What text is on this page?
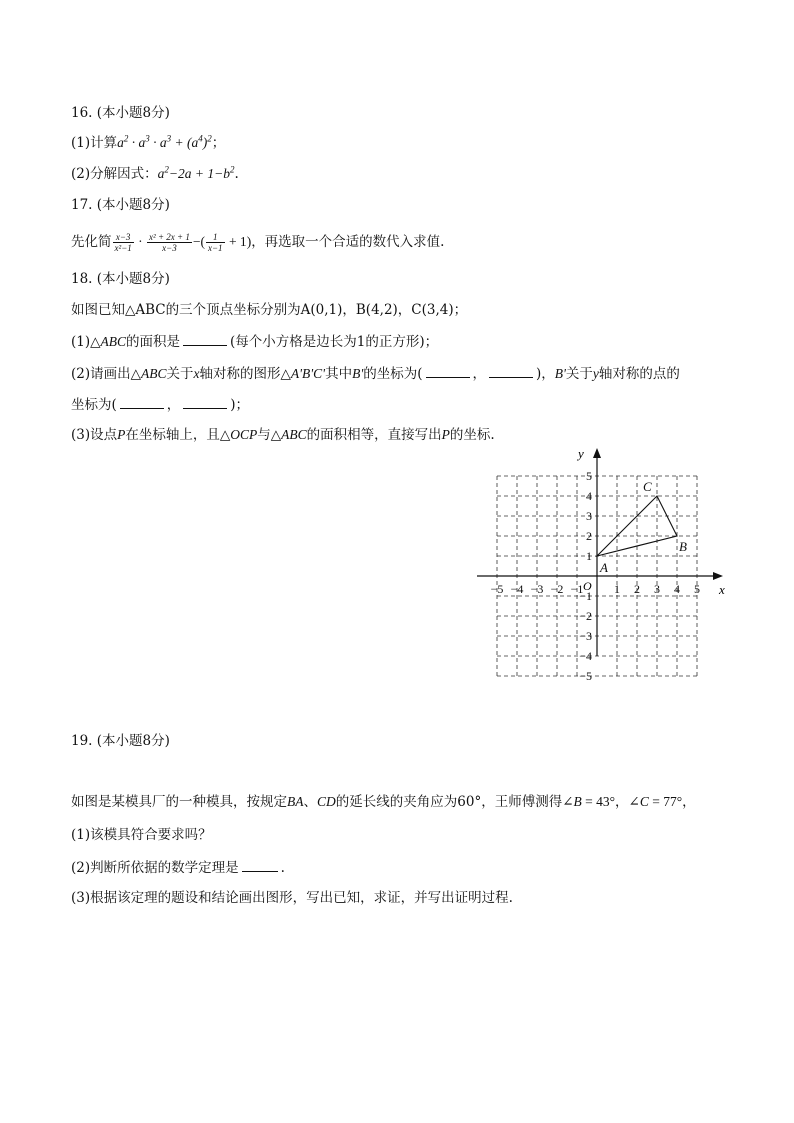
16. (本小题8分)
(1)计算$a^2 \cdot a^3 \cdot a^3 + (a^4)^2$；
(2)分解因式：$a^2-2a + 1-b^2$.
17. (本小题8分)
先化简 $\frac{x-3}{\text{x²−1}} \cdot \frac{\text{x² + 2x + 1}}{x-3}$ −( $\frac{1}{x-1} + 1$)，再选取一个合适的数代入求值.
18. (本小题8分)
如图已知△ABC的三个顶点坐标分别为A(0,1)，B(4,2)，C(3,4)；
(1)△ABC的面积是	(每个小方格是边长为1的正方形)；
(2)请画出△ABC关于x轴对称的图形△A'B'C'其中B'的坐标为(	，	)，B'关于y轴对称的点的
坐标为(	，	)；
(3)设点P在坐标轴上，且△OCP与△ABC的面积相等，直接写出P的坐标.
−5 −4 −3 −2 −1	1 2 3 4 5
5
4
3
2
1
−1
−2
−3
−4
−5
A
B
C
x
y
O
19. (本小题8分)
如图是某模具厂的一种模具，按规定BA、CD的延长线的夹角应为60°，王师傅测得∠B = 43°，∠C = 77°，
(1)该模具符合要求吗？
(2)判断所依据的数学定理是	.
(3)根据该定理的题设和结论画出图形，写出已知，求证，并写出证明过程.
